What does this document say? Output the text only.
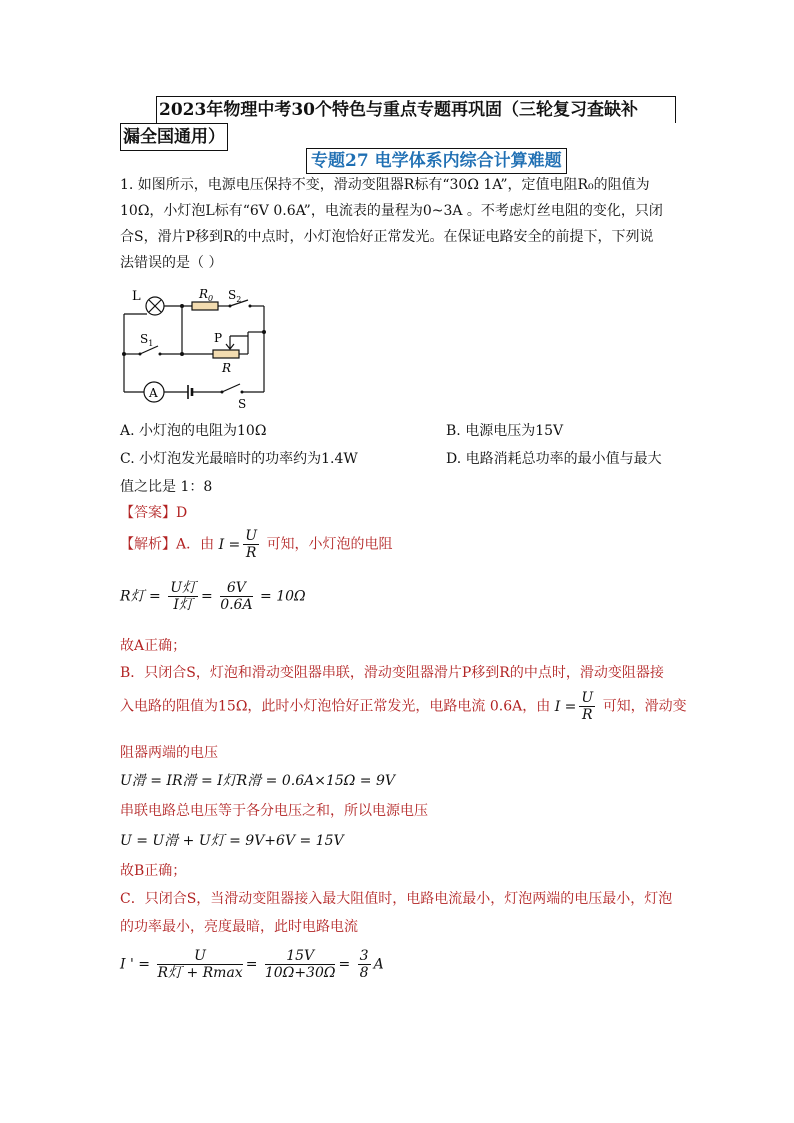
2023年物理中考30个特色与重点专题再巩固（三轮复习查缺补
漏全国通用）
专题27 电学体系内综合计算难题
1. 如图所示，电源电压保持不变，滑动变阻器R标有“30Ω 1A”，定值电阻R₀的阻值为
10Ω，小灯泡L标有“6V 0.6A”，电流表的量程为0~3A 。不考虑灯丝电阻的变化，只闭
合S，滑片P移到R的中点时，小灯泡恰好正常发光。在保证电路安全的前提下，下列说
法错误的是（ ）
L	$R_0$ $S_2$
$S_1$	P
R
A
S
A. 小灯泡的电阻为10Ω	B. 电源电压为15V
C. 小灯泡发光最暗时的功率约为1.4W	D. 电路消耗总功率的最小值与最大
值之比是 1：8
【答案】D
【解析】A．由 $I = \frac{U}{R}$ 可知，小灯泡的电阻
R灯 = $\frac{\text{U灯}}{\text{I灯}} = \frac{6V}{0.6A} = 10\Omega$
故A正确；
B．只闭合S，灯泡和滑动变阻器串联，滑动变阻器滑片P移到R的中点时，滑动变阻器接
入电路的阻值为15Ω，此时小灯泡恰好正常发光，电路电流 0.6A，由 $I = \frac{U}{R}$ 可知，滑动变
阻器两端的电压
U滑 = IR滑 = I灯R滑 = 0.6A×15Ω = 9V
串联电路总电压等于各分电压之和，所以电源电压
U = U滑 + U灯 = 9V+6V = 15V
故B正确；
C．只闭合S，当滑动变阻器接入最大阻值时，电路电流最小，灯泡两端的电压最小，灯泡
的功率最小，亮度最暗，此时电路电流
I ' = $\frac{U}{\text{R灯 + Rmax}} = \frac{15V}{10\Omega+30\Omega} = \frac{3}{8}$ A
